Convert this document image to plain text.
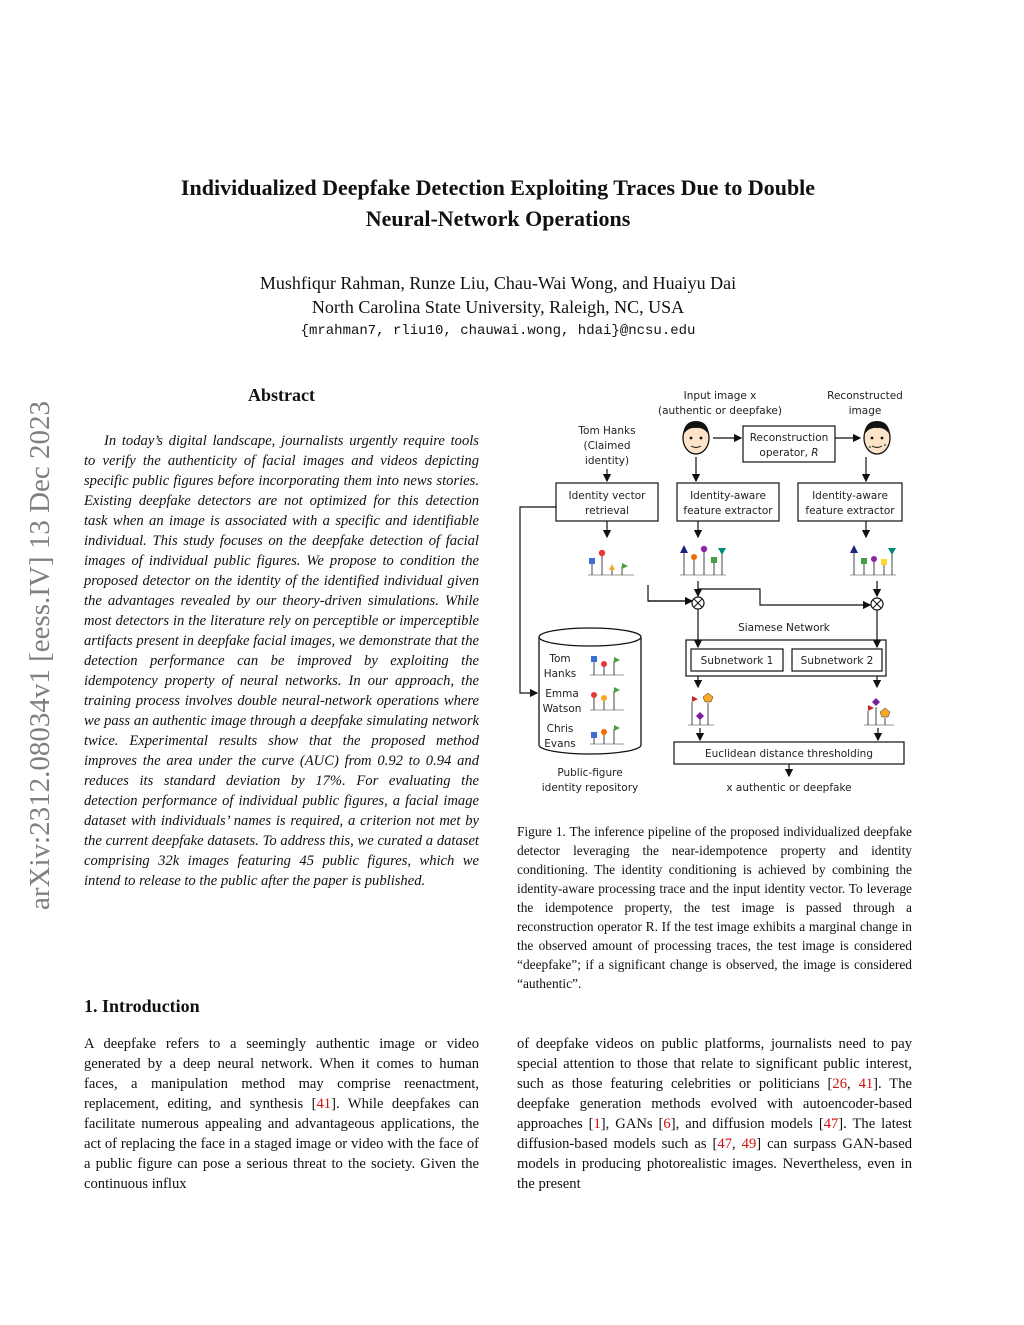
arXiv:2312.08034v1 [eess.IV] 13 Dec 2023
Individualized Deepfake Detection Exploiting Traces Due to Double
Neural-Network Operations
Mushfiqur Rahman, Runze Liu, Chau-Wai Wong, and Huaiyu Dai
North Carolina State University, Raleigh, NC, USA
{mrahman7, rliu10, chauwai.wong, hdai}@ncsu.edu
Abstract
In today’s digital landscape, journalists urgently require tools to verify the authenticity of facial images and videos depicting specific public figures before incorporating them into news stories. Existing deepfake detectors are not optimized for this detection task when an image is associated with a specific and identifiable individual. This study focuses on the deepfake detection of facial images of individual public figures. We propose to condition the proposed detector on the identity of the identified individual given the advantages revealed by our theory-driven simulations. While most detectors in the literature rely on perceptible or imperceptible artifacts present in deepfake facial images, we demonstrate that the detection performance can be improved by exploiting the idempotency property of neural networks. In our approach, the training process involves double neural-network operations where we pass an authentic image through a deepfake simulating network twice. Experimental results show that the proposed method improves the area under the curve (AUC) from 0.92 to 0.94 and reduces its standard deviation by 17%. For evaluating the detection performance of individual public figures, a facial image dataset with individuals’ names is required, a criterion not met by the current deepfake datasets. To address this, we curated a dataset comprising 32k images featuring 45 public figures, which we intend to release to the public after the paper is published.
Input image x
(authentic or deepfake)
Reconstructed
image
Tom Hanks
(Claimed
identity)
Reconstruction
operator, R
Identity vector
retrieval
Identity-aware
feature extractor
Identity-aware
feature extractor
Siamese Network
Subnetwork 1	Subnetwork 2
Euclidean distance thresholding
x authentic or deepfake
Tom
Hanks
Emma
Watson
Chris
Evans
Public-figure
identity repository
Figure 1. The inference pipeline of the proposed individualized deepfake detector leveraging the near-idempotence property and identity conditioning. The identity conditioning is achieved by combining the identity-aware processing trace and the input identity vector. To leverage the idempotence property, the test image is passed through a reconstruction operator R. If the test image exhibits a marginal change in the observed amount of processing traces, the test image is considered “deepfake”; if a significant change is observed, the image is considered “authentic”.
1. Introduction
A deepfake refers to a seemingly authentic image or video generated by a deep neural network. When it comes to human faces, a manipulation method may comprise reenactment, replacement, editing, and synthesis [41]. While deepfakes can facilitate numerous appealing and advantageous applications, the act of replacing the face in a staged image or video with the face of a public figure can pose a serious threat to the society. Given the continuous influx
of deepfake videos on public platforms, journalists need to pay special attention to those that relate to significant public interest, such as those featuring celebrities or politicians [26, 41]. The deepfake generation methods evolved with autoencoder-based approaches [1], GANs [6], and diffusion models [47]. The latest diffusion-based models such as [47, 49] can surpass GAN-based models in producing photorealistic images. Nevertheless, even in the present
